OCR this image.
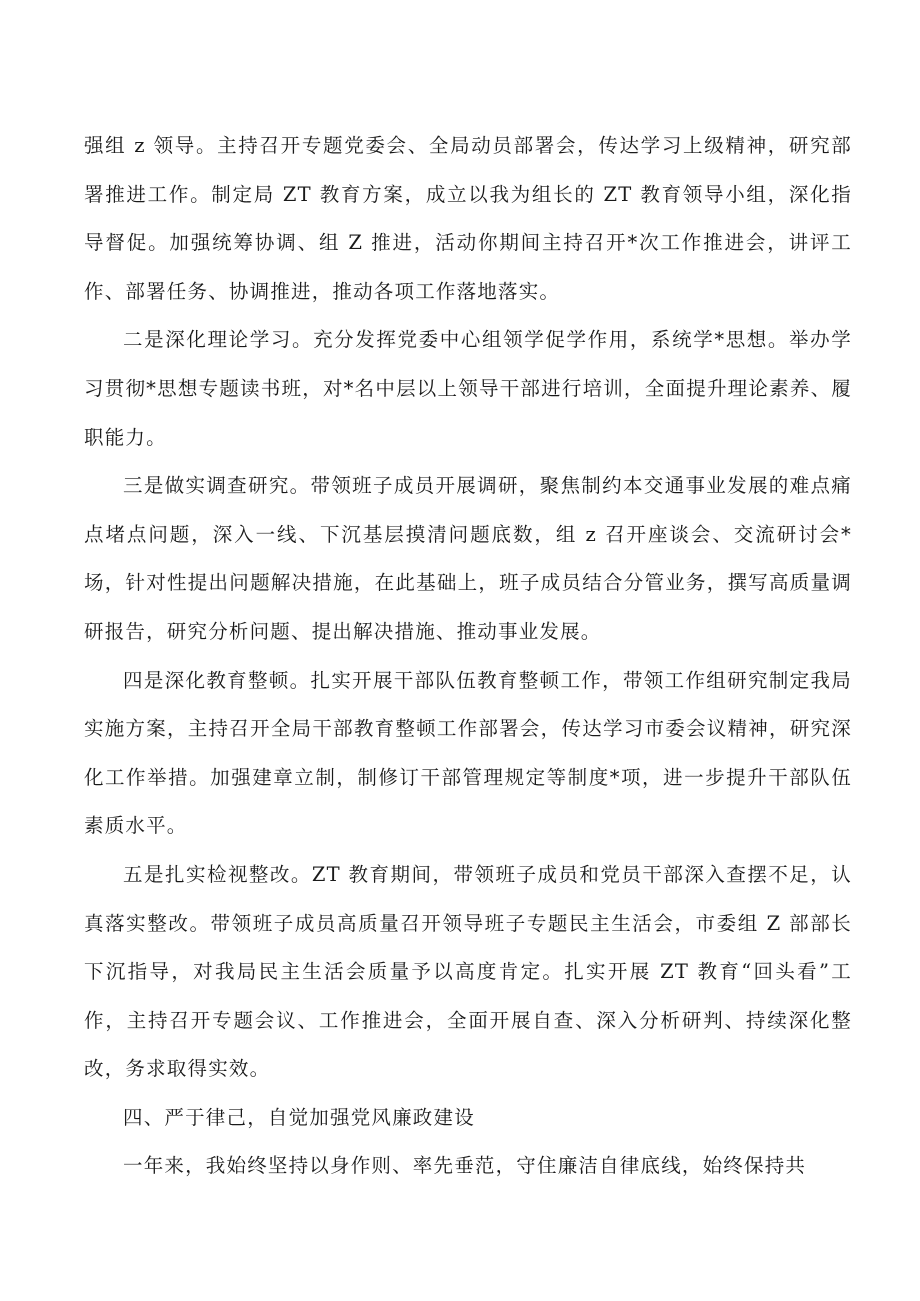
强组 z 领导。主持召开专题党委会、全局动员部署会，传达学习上级精神，研究部署推进工作。制定局 ZT 教育方案，成立以我为组长的 ZT 教育领导小组，深化指导督促。加强统筹协调、组 Z 推进，活动你期间主持召开*次工作推进会，讲评工作、部署任务、协调推进，推动各项工作落地落实。

二是深化理论学习。充分发挥党委中心组领学促学作用，系统学*思想。举办学习贯彻*思想专题读书班，对*名中层以上领导干部进行培训，全面提升理论素养、履职能力。

三是做实调查研究。带领班子成员开展调研，聚焦制约本交通事业发展的难点痛点堵点问题，深入一线、下沉基层摸清问题底数，组 z 召开座谈会、交流研讨会*场，针对性提出问题解决措施，在此基础上，班子成员结合分管业务，撰写高质量调研报告，研究分析问题、提出解决措施、推动事业发展。

四是深化教育整顿。扎实开展干部队伍教育整顿工作，带领工作组研究制定我局实施方案，主持召开全局干部教育整顿工作部署会，传达学习市委会议精神，研究深化工作举措。加强建章立制，制修订干部管理规定等制度*项，进一步提升干部队伍素质水平。

五是扎实检视整改。ZT 教育期间，带领班子成员和党员干部深入查摆不足，认真落实整改。带领班子成员高质量召开领导班子专题民主生活会，市委组 Z 部部长下沉指导，对我局民主生活会质量予以高度肯定。扎实开展 ZT 教育“回头看”工作，主持召开专题会议、工作推进会，全面开展自查、深入分析研判、持续深化整改，务求取得实效。

四、严于律己，自觉加强党风廉政建设

一年来，我始终坚持以身作则、率先垂范，守住廉洁自律底线，始终保持共
